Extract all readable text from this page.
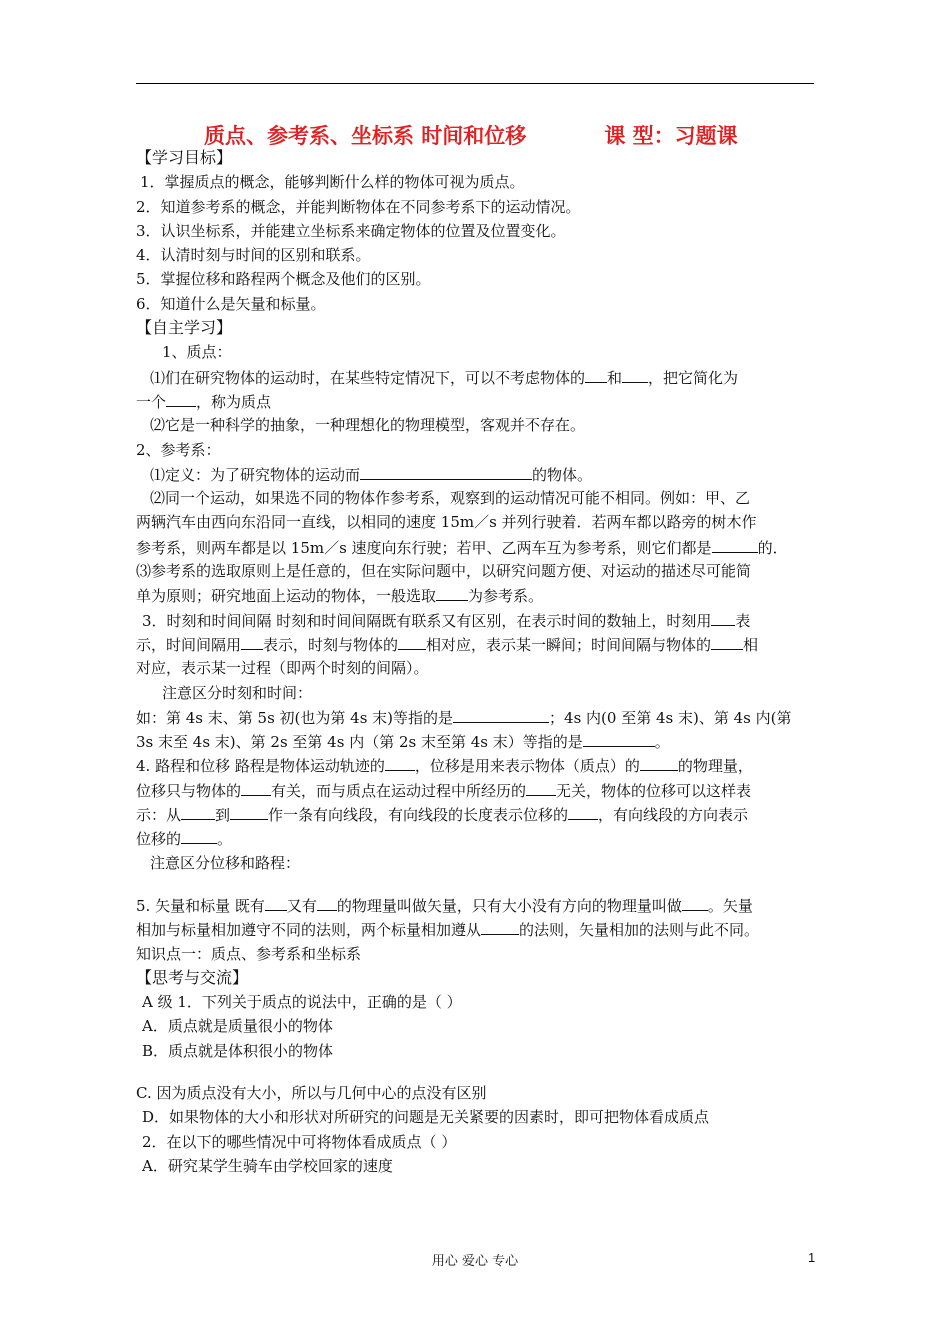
质点、参考系、坐标系 时间和位移	课 型：习题课
【学习目标】
1．掌握质点的概念，能够判断什么样的物体可视为质点。
2．知道参考系的概念，并能判断物体在不同参考系下的运动情况。
3．认识坐标系，并能建立坐标系来确定物体的位置及位置变化。
4．认清时刻与时间的区别和联系。
5．掌握位移和路程两个概念及他们的区别。
6．知道什么是矢量和标量。
【自主学习】
1、质点：
⑴们在研究物体的运动时，在某些特定情况下，可以不考虑物体的 和 ，把它简化为
一个 ，称为质点
⑵它是一种科学的抽象，一种理想化的物理模型，客观并不存在。
2、参考系：
⑴定义：为了研究物体的运动而	的物体。
⑵同一个运动，如果选不同的物体作参考系，观察到的运动情况可能不相同。例如：甲、乙
两辆汽车由西向东沿同一直线，以相同的速度 15m／s 并列行驶着．若两车都以路旁的树木作
参考系，则两车都是以 15m／s 速度向东行驶；若甲、乙两车互为参考系，则它们都是	的．
⑶参考系的选取原则上是任意的，但在实际问题中，以研究问题方便、对运动的描述尽可能简
单为原则；研究地面上运动的物体，一般选取 为参考系。
3．时刻和时间间隔 时刻和时间间隔既有联系又有区别，在表示时间的数轴上，时刻用 表
示，时间间隔用 表示，时刻与物体的 相对应，表示某一瞬间；时间间隔与物体的 相
对应，表示某一过程（即两个时刻的间隔）。
注意区分时刻和时间：
如：第 4s 末、第 5s 初(也为第 4s 末)等指的是	；4s 内(0 至第 4s 末)、第 4s 内(第
3s 末至 4s 末)、第 2s 至第 4s 内（第 2s 末至第 4s 末）等指的是	。
4. 路程和位移 路程是物体运动轨迹的 ，位移是用来表示物体（质点）的	的物理量，
位移只与物体的 有关，而与质点在运动过程中所经历的 无关，物体的位移可以这样表
示：从 到	作一条有向线段，有向线段的长度表示位移的 ，有向线段的方向表示
位移的 。
注意区分位移和路程：
5. 矢量和标量 既有 又有 的物理量叫做矢量，只有大小没有方向的物理量叫做 。矢量
相加与标量相加遵守不同的法则，两个标量相加遵从	的法则，矢量相加的法则与此不同。
知识点一：质点、参考系和坐标系
【思考与交流】
A 级 1．下列关于质点的说法中，正确的是（ ）
A．质点就是质量很小的物体
B．质点就是体积很小的物体
C. 因为质点没有大小，所以与几何中心的点没有区别
D．如果物体的大小和形状对所研究的问题是无关紧要的因素时，即可把物体看成质点
2．在以下的哪些情况中可将物体看成质点（ ）
A．研究某学生骑车由学校回家的速度
用心 爱心 专心	1
